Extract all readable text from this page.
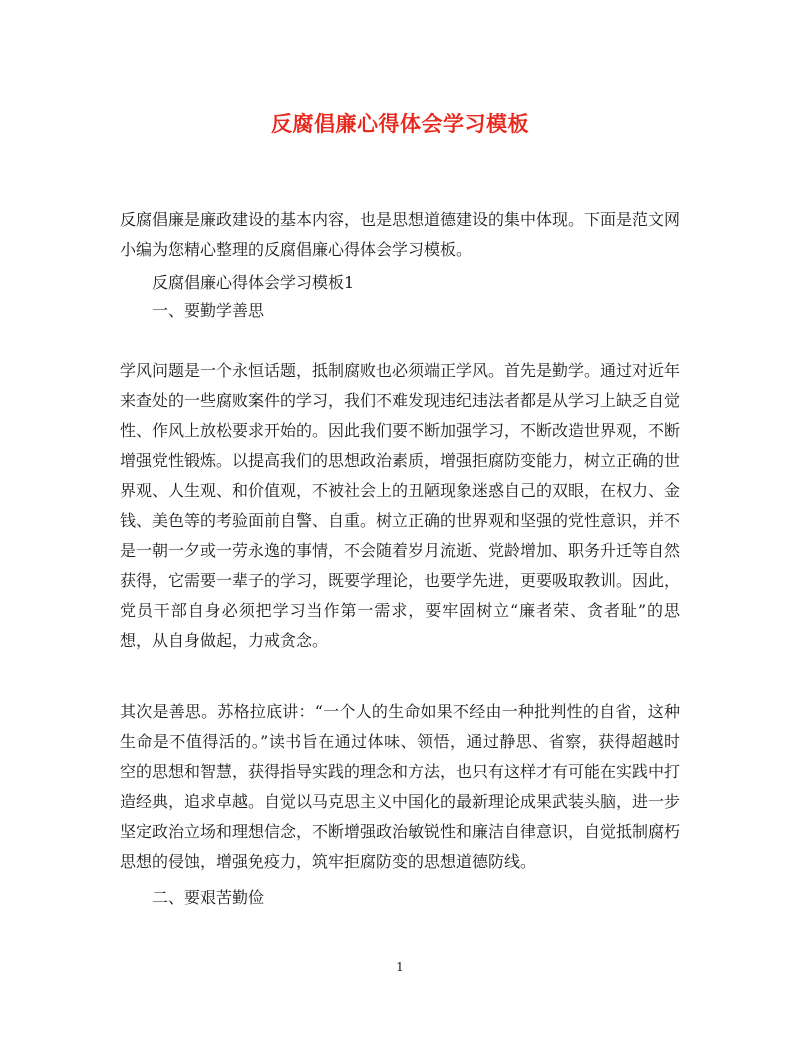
反腐倡廉心得体会学习模板

反腐倡廉是廉政建设的基本内容，也是思想道德建设的集中体现。下面是范文网小编为您精心整理的反腐倡廉心得体会学习模板。

反腐倡廉心得体会学习模板1

一、要勤学善思

学风问题是一个永恒话题，抵制腐败也必须端正学风。首先是勤学。通过对近年来查处的一些腐败案件的学习，我们不难发现违纪违法者都是从学习上缺乏自觉性、作风上放松要求开始的。因此我们要不断加强学习，不断改造世界观，不断增强党性锻炼。以提高我们的思想政治素质，增强拒腐防变能力，树立正确的世界观、人生观、和价值观，不被社会上的丑陋现象迷惑自己的双眼，在权力、金钱、美色等的考验面前自警、自重。树立正确的世界观和坚强的党性意识，并不是一朝一夕或一劳永逸的事情，不会随着岁月流逝、党龄增加、职务升迁等自然获得，它需要一辈子的学习，既要学理论，也要学先进，更要吸取教训。因此，党员干部自身必须把学习当作第一需求，要牢固树立“廉者荣、贪者耻”的思想，从自身做起，力戒贪念。

其次是善思。苏格拉底讲：“一个人的生命如果不经由一种批判性的自省，这种生命是不值得活的。”读书旨在通过体味、领悟，通过静思、省察，获得超越时空的思想和智慧，获得指导实践的理念和方法，也只有这样才有可能在实践中打造经典，追求卓越。自觉以马克思主义中国化的最新理论成果武装头脑，进一步坚定政治立场和理想信念，不断增强政治敏锐性和廉洁自律意识，自觉抵制腐朽思想的侵蚀，增强免疫力，筑牢拒腐防变的思想道德防线。

二、要艰苦勤俭

1
